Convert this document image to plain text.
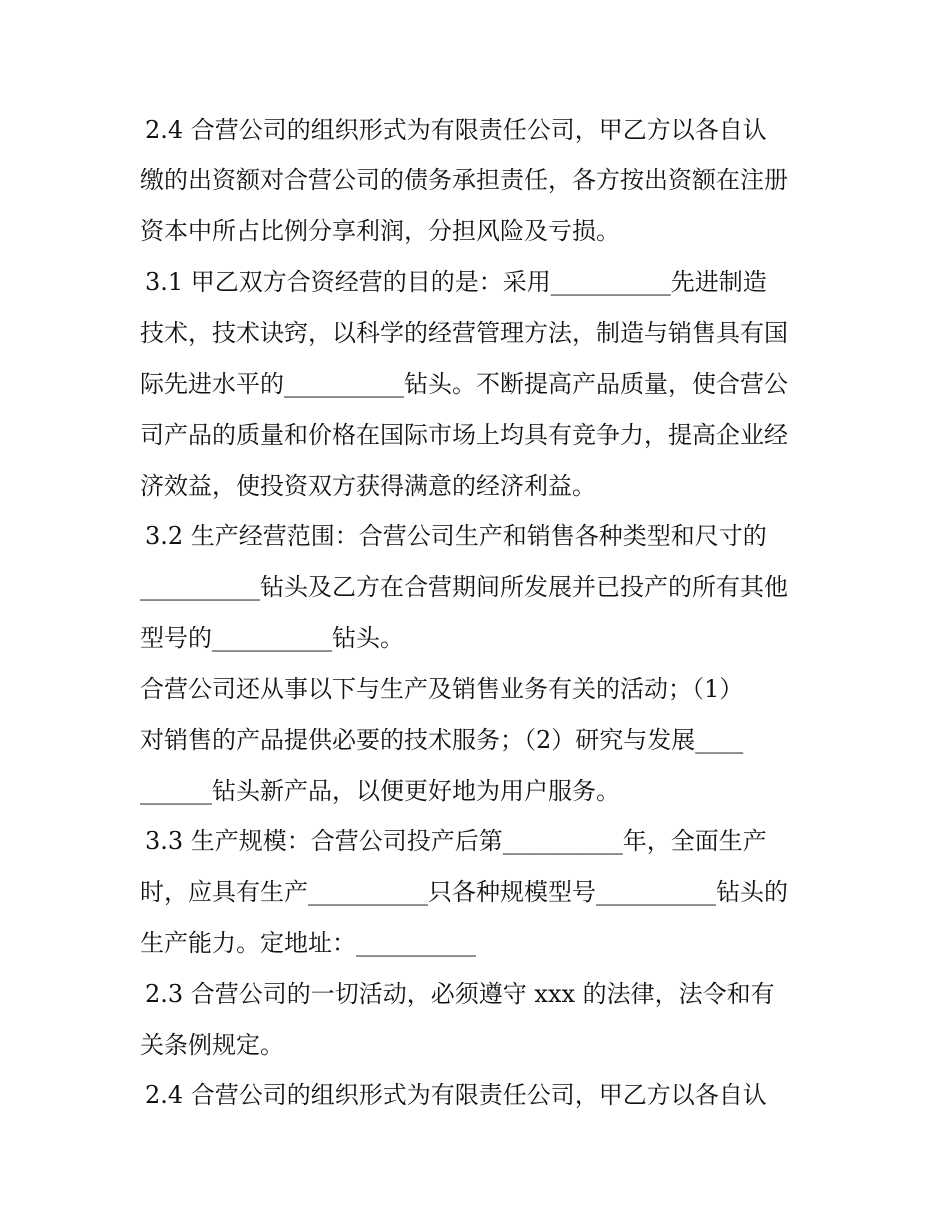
2.4 合营公司的组织形式为有限责任公司，甲乙方以各自认
缴的出资额对合营公司的债务承担责任，各方按出资额在注册
资本中所占比例分享利润，分担风险及亏损。
3.1 甲乙双方合资经营的目的是：采用__________先进制造
技术，技术诀窍，以科学的经营管理方法，制造与销售具有国
际先进水平的__________钻头。不断提高产品质量，使合营公
司产品的质量和价格在国际市场上均具有竞争力，提高企业经
济效益，使投资双方获得满意的经济利益。
3.2 生产经营范围：合营公司生产和销售各种类型和尺寸的
__________钻头及乙方在合营期间所发展并已投产的所有其他
型号的__________钻头。
合营公司还从事以下与生产及销售业务有关的活动；（1）
对销售的产品提供必要的技术服务；（2）研究与发展____
______钻头新产品，以便更好地为用户服务。
3.3 生产规模：合营公司投产后第__________年，全面生产
时，应具有生产__________只各种规模型号__________钻头的
生产能力。定地址：__________
2.3 合营公司的一切活动，必须遵守 xxx 的法律，法令和有
关条例规定。
2.4 合营公司的组织形式为有限责任公司，甲乙方以各自认
